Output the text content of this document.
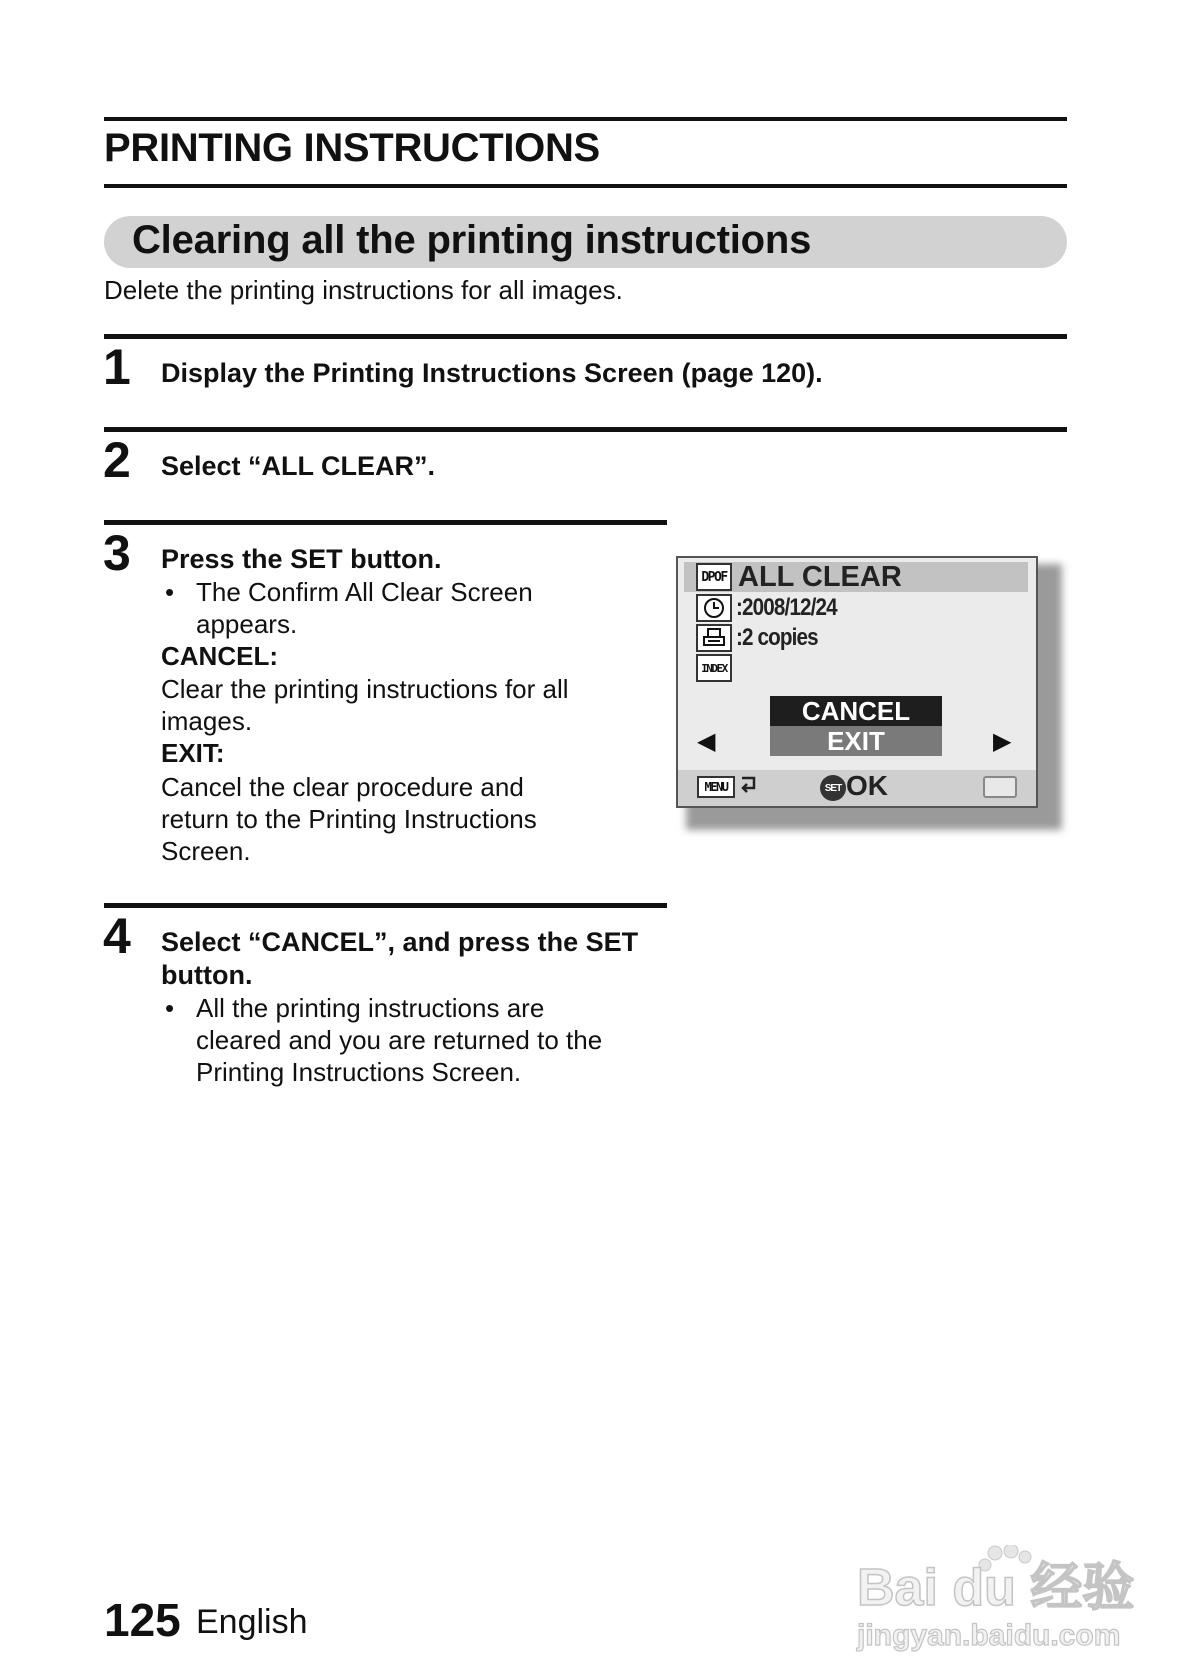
PRINTING INSTRUCTIONS
Clearing all the printing instructions
Delete the printing instructions for all images.
1 Display the Printing Instructions Screen (page 120).
2 Select “ALL CLEAR”.
3 Press the SET button.
• The Confirm All Clear Screen
appears.
CANCEL:
Clear the printing instructions for all
images.
EXIT:
Cancel the clear procedure and
return to the Printing Instructions
Screen.
DPOF ALL CLEAR
:2008/12/24
:2 copies
INDEX
CANCEL
EXIT
◀	▶
MENU	SET OK
4 Select “CANCEL”, and press the SET
button.
• All the printing instructions are
cleared and you are returned to the
Printing Instructions Screen.
125 English
Bai du 经验
jingyan.baidu.com
